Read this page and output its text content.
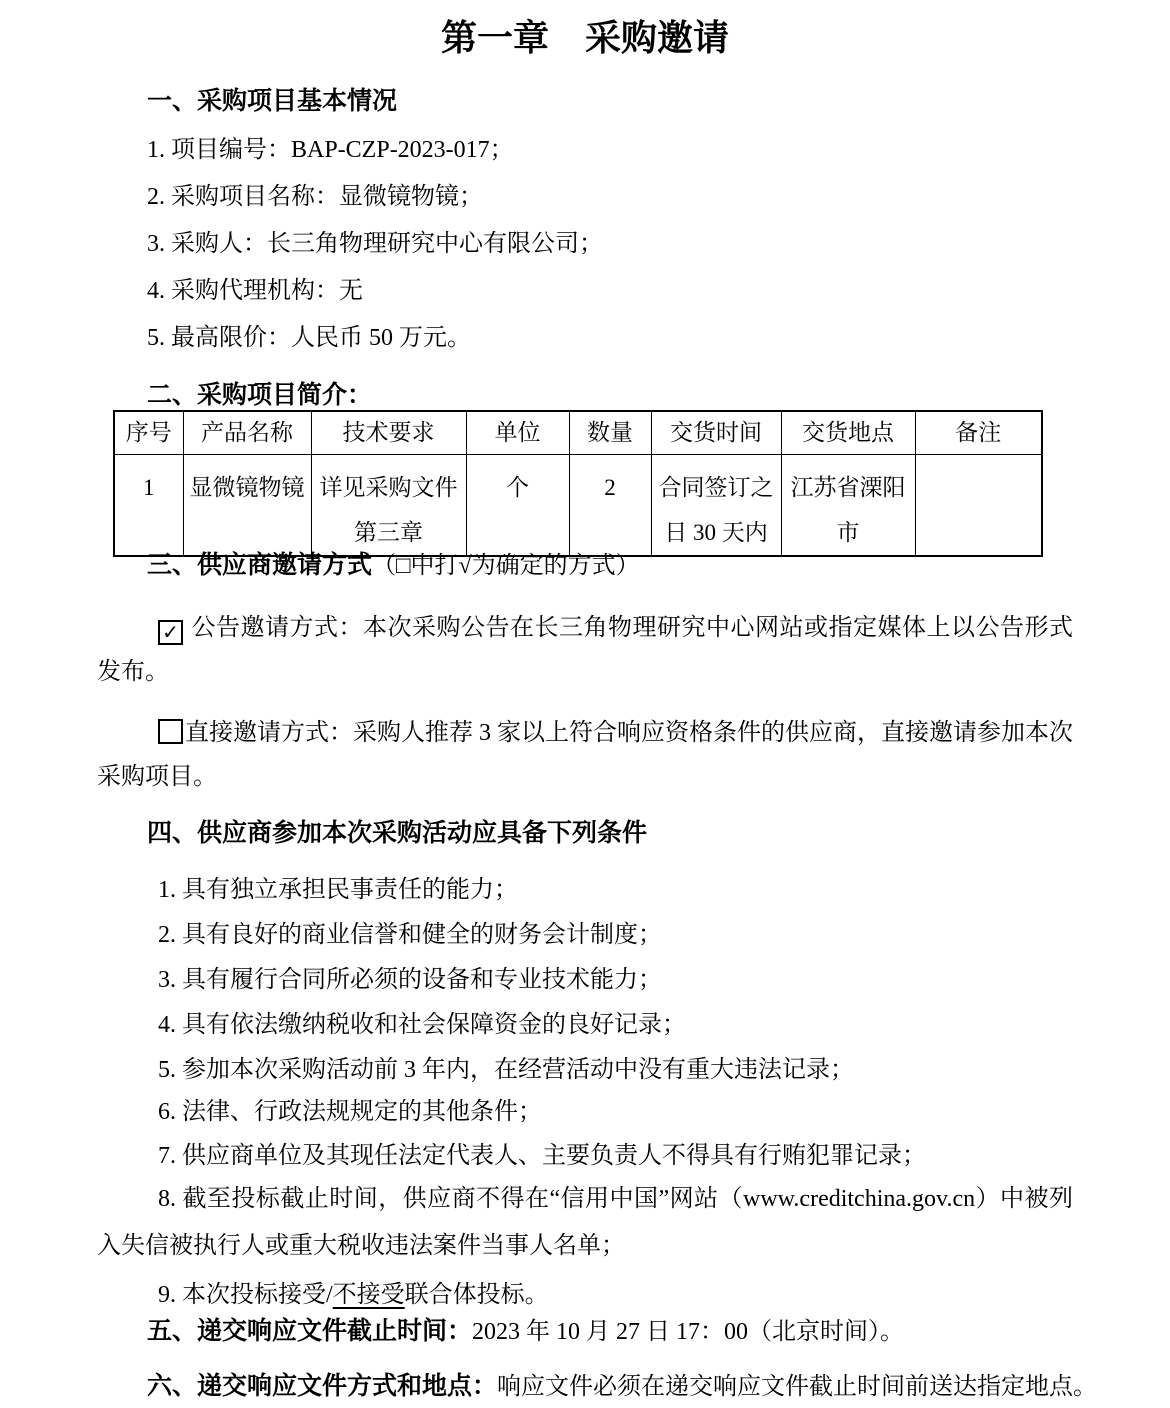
第一章　采购邀请
一、采购项目基本情况
1. 项目编号：BAP-CZP-2023-017；
2. 采购项目名称：显微镜物镜；
3. 采购人：长三角物理研究中心有限公司；
4. 采购代理机构：无
5. 最高限价：人民币 50 万元。
二、采购项目简介：
序号	产品名称	技术要求	单位	数量	交货时间	交货地点	备注
1	显微镜物镜	详见采购文件第三章	个	2	合同签订之日 30 天内	江苏省溧阳市	
三、供应商邀请方式（□中打√为确定的方式）
✓ 公告邀请方式：本次采购公告在长三角物理研究中心网站或指定媒体上以公告形式发布。
直接邀请方式：采购人推荐 3 家以上符合响应资格条件的供应商，直接邀请参加本次采购项目。
四、供应商参加本次采购活动应具备下列条件
1. 具有独立承担民事责任的能力；
2. 具有良好的商业信誉和健全的财务会计制度；
3. 具有履行合同所必须的设备和专业技术能力；
4. 具有依法缴纳税收和社会保障资金的良好记录；
5. 参加本次采购活动前 3 年内，在经营活动中没有重大违法记录；
6. 法律、行政法规规定的其他条件；
7. 供应商单位及其现任法定代表人、主要负责人不得具有行贿犯罪记录；
8. 截至投标截止时间，供应商不得在“信用中国”网站（www.creditchina.gov.cn）中被列入失信被执行人或重大税收违法案件当事人名单；
9. 本次投标接受/不接受联合体投标。
五、递交响应文件截止时间：2023 年 10 月 27 日 17：00（北京时间）。
六、递交响应文件方式和地点：响应文件必须在递交响应文件截止时间前送达指定地点。
